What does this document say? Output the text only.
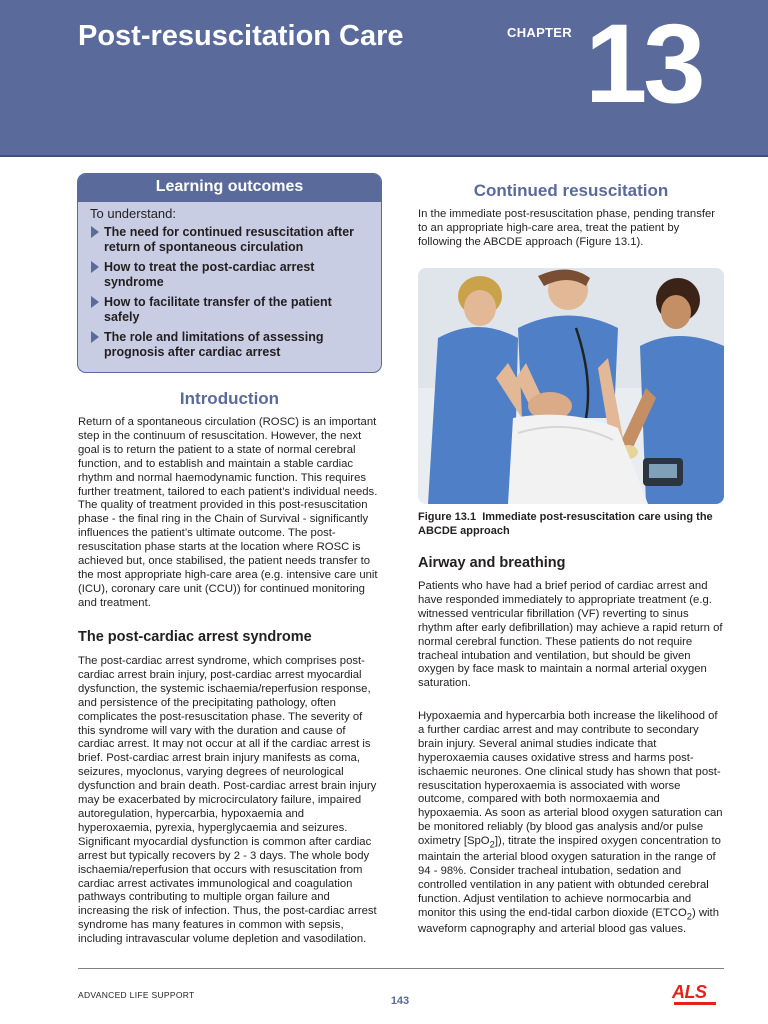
Post-resuscitation Care	CHAPTER 13
Learning outcomes
To understand:
The need for continued resuscitation after return of spontaneous circulation
How to treat the post-cardiac arrest syndrome
How to facilitate transfer of the patient safely
The role and limitations of assessing prognosis after cardiac arrest
Introduction

Return of a spontaneous circulation (ROSC) is an important step in the continuum of resuscitation. However, the next goal is to return the patient to a state of normal cerebral function, and to establish and maintain a stable cardiac rhythm and normal haemodynamic function. This requires further treatment, tailored to each patient’s individual needs. The quality of treatment provided in this post-resuscitation phase - the final ring in the Chain of Survival - significantly influences the patient’s ultimate outcome. The post-resuscitation phase starts at the location where ROSC is achieved but, once stabilised, the patient needs transfer to the most appropriate high-care area (e.g. intensive care unit (ICU), coronary care unit (CCU)) for continued monitoring and treatment.

The post-cardiac arrest syndrome

The post-cardiac arrest syndrome, which comprises post-cardiac arrest brain injury, post-cardiac arrest myocardial dysfunction, the systemic ischaemia/reperfusion response, and persistence of the precipitating pathology, often complicates the post-resuscitation phase. The severity of this syndrome will vary with the duration and cause of cardiac arrest. It may not occur at all if the cardiac arrest is brief. Post-cardiac arrest brain injury manifests as coma, seizures, myoclonus, varying degrees of neurological dysfunction and brain death. Post-cardiac arrest brain injury may be exacerbated by microcirculatory failure, impaired autoregulation, hypercarbia, hypoxaemia and hyperoxaemia, pyrexia, hyperglycaemia and seizures. Significant myocardial dysfunction is common after cardiac arrest but typically recovers by 2 - 3 days. The whole body ischaemia/reperfusion that occurs with resuscitation from cardiac arrest activates immunological and coagulation pathways contributing to multiple organ failure and increasing the risk of infection. Thus, the post-cardiac arrest syndrome has many features in common with sepsis, including intravascular volume depletion and vasodilation.

Continued resuscitation

In the immediate post-resuscitation phase, pending transfer to an appropriate high-care area, treat the patient by following the ABCDE approach (Figure 13.1).

Figure 13.1 Immediate post-resuscitation care using the ABCDE approach

Airway and breathing

Patients who have had a brief period of cardiac arrest and have responded immediately to appropriate treatment (e.g. witnessed ventricular fibrillation (VF) reverting to sinus rhythm after early defibrillation) may achieve a rapid return of normal cerebral function. These patients do not require tracheal intubation and ventilation, but should be given oxygen by face mask to maintain a normal arterial oxygen saturation.

Hypoxaemia and hypercarbia both increase the likelihood of a further cardiac arrest and may contribute to secondary brain injury. Several animal studies indicate that hyperoxaemia causes oxidative stress and harms post-ischaemic neurones. One clinical study has shown that post-resuscitation hyperoxaemia is associated with worse outcome, compared with both normoxaemia and hypoxaemia. As soon as arterial blood oxygen saturation can be monitored reliably (by blood gas analysis and/or pulse oximetry [SpO$_2$]), titrate the inspired oxygen concentration to maintain the arterial blood oxygen saturation in the range of 94 - 98%. Consider tracheal intubation, sedation and controlled ventilation in any patient with obtunded cerebral function. Adjust ventilation to achieve normocarbia and monitor this using the end-tidal carbon dioxide $(ETCO_2)$ with waveform capnography and arterial blood gas values.

ADVANCED LIFE SUPPORT	143	ALS
